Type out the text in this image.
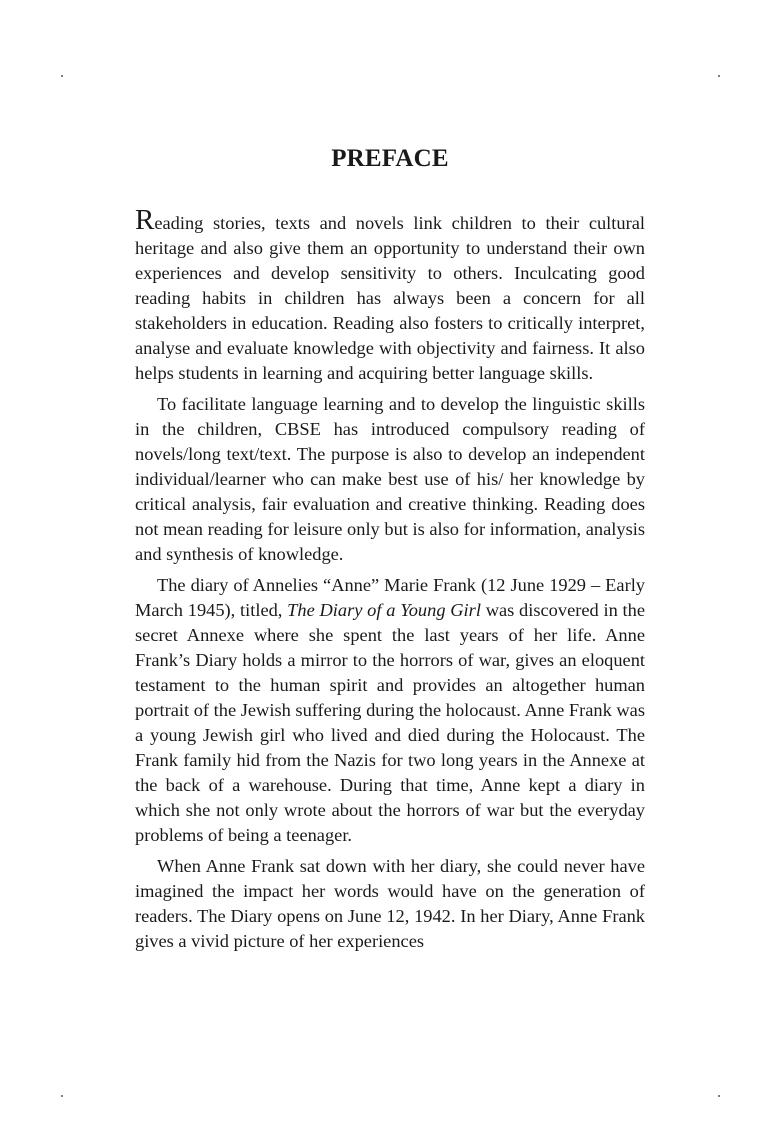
PREFACE

Reading stories, texts and novels link children to their cultural heritage and also give them an opportunity to understand their own experiences and develop sensitivity to others. Inculcating good reading habits in children has always been a concern for all stakeholders in education. Reading also fosters to critically interpret, analyse and evaluate knowledge with objectivity and fairness. It also helps students in learning and acquiring better language skills.

To facilitate language learning and to develop the linguistic skills in the children, CBSE has introduced compulsory reading of novels/long text/text. The purpose is also to develop an independent individual/learner who can make best use of his/ her knowledge by critical analysis, fair evaluation and creative thinking. Reading does not mean reading for leisure only but is also for information, analysis and synthesis of knowledge.

The diary of Annelies “Anne” Marie Frank (12 June 1929 – Early March 1945), titled, The Diary of a Young Girl was discovered in the secret Annexe where she spent the last years of her life. Anne Frank’s Diary holds a mirror to the horrors of war, gives an eloquent testament to the human spirit and provides an altogether human portrait of the Jewish suffering during the holocaust. Anne Frank was a young Jewish girl who lived and died during the Holocaust. The Frank family hid from the Nazis for two long years in the Annexe at the back of a warehouse. During that time, Anne kept a diary in which she not only wrote about the horrors of war but the everyday problems of being a teenager.

When Anne Frank sat down with her diary, she could never have imagined the impact her words would have on the generation of readers. The Diary opens on June 12, 1942. In her Diary, Anne Frank gives a vivid picture of her experiences
